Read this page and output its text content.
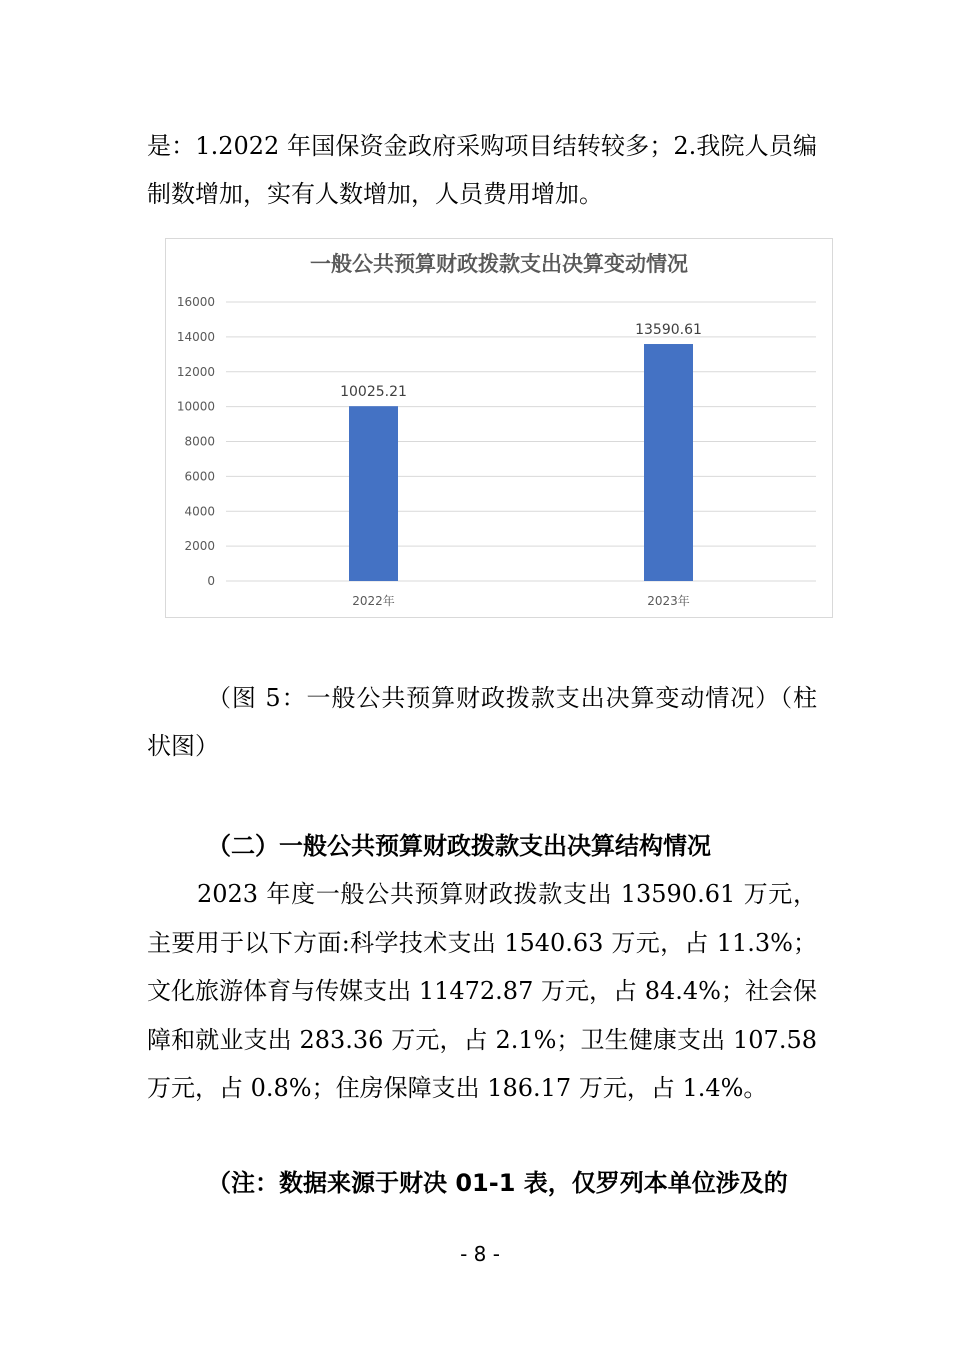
是：1.2022 年国保资金政府采购项目结转较多；2.我院人员编制数增加，实有人数增加，人员费用增加。

一般公共预算财政拨款支出决算变动情况
0
2000
4000
6000
8000
10000
12000
14000
16000
10025.21
13590.61
2022年	2023年

（图 5：一般公共预算财政拨款支出决算变动情况）（柱状图）

（二）一般公共预算财政拨款支出决算结构情况

2023 年度一般公共预算财政拨款支出 13590.61 万元，主要用于以下方面:科学技术支出 1540.63 万元，占 11.3%；文化旅游体育与传媒支出 11472.87 万元，占 84.4%；社会保障和就业支出 283.36 万元，占 2.1%；卫生健康支出 107.58 万元，占 0.8%；住房保障支出 186.17 万元，占 1.4%。

（注：数据来源于财决 01-1 表，仅罗列本单位涉及的

- 8 -
